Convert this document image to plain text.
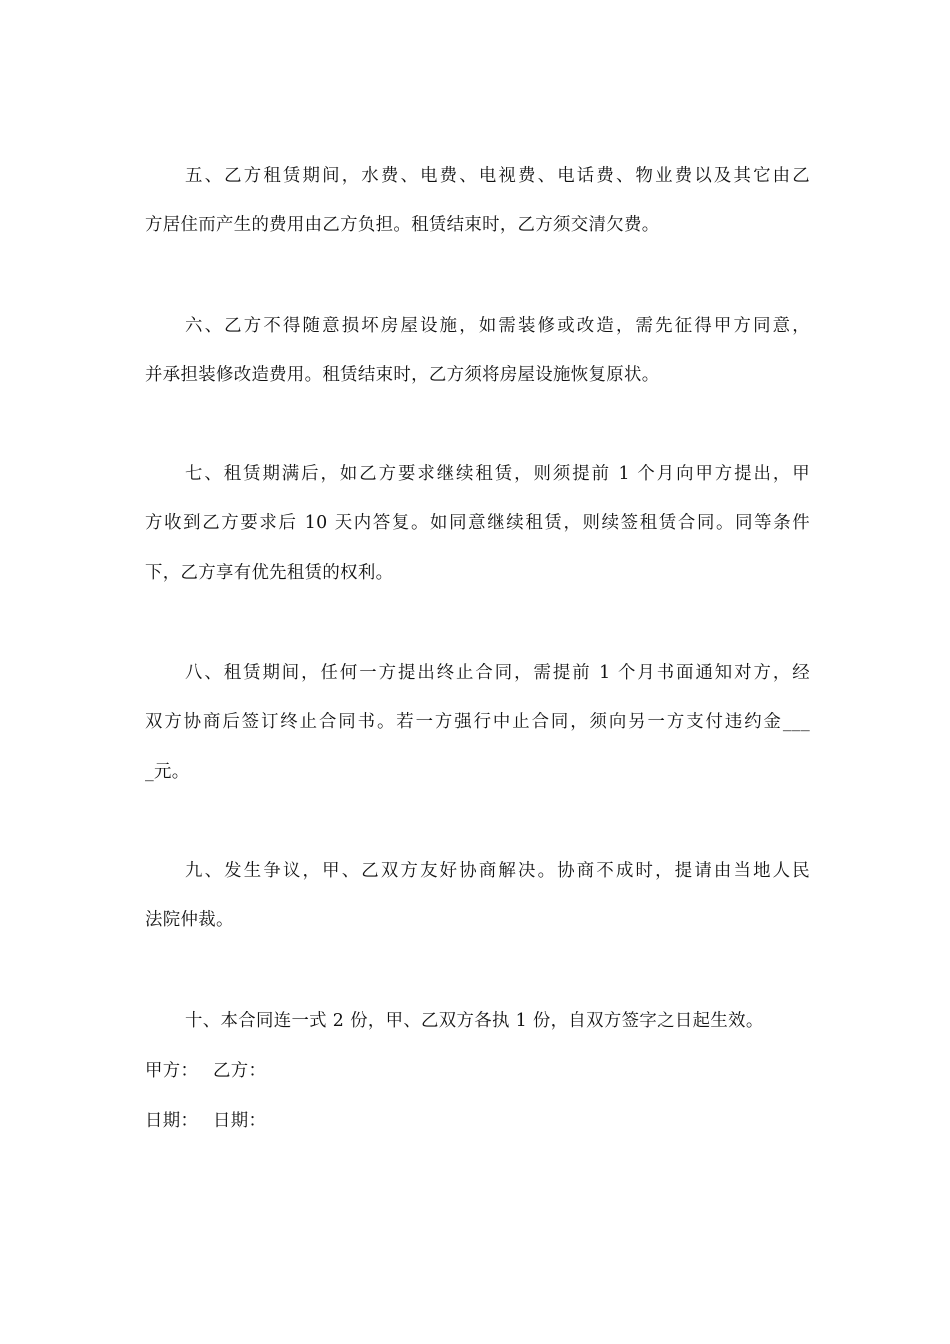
五、乙方租赁期间，水费、电费、电视费、电话费、物业费以及其它由乙
方居住而产生的费用由乙方负担。租赁结束时，乙方须交清欠费。
六、乙方不得随意损坏房屋设施，如需装修或改造，需先征得甲方同意，
并承担装修改造费用。租赁结束时，乙方须将房屋设施恢复原状。
七、租赁期满后，如乙方要求继续租赁，则须提前 1 个月向甲方提出，甲
方收到乙方要求后 10 天内答复。如同意继续租赁，则续签租赁合同。同等条件
下，乙方享有优先租赁的权利。
八、租赁期间，任何一方提出终止合同，需提前 1 个月书面通知对方，经
双方协商后签订终止合同书。若一方强行中止合同，须向另一方支付违约金___
_元。
九、发生争议，甲、乙双方友好协商解决。协商不成时，提请由当地人民
法院仲裁。
十、本合同连一式 2 份，甲、乙双方各执 1 份，自双方签字之日起生效。
甲方： 乙方：
日期： 日期：
